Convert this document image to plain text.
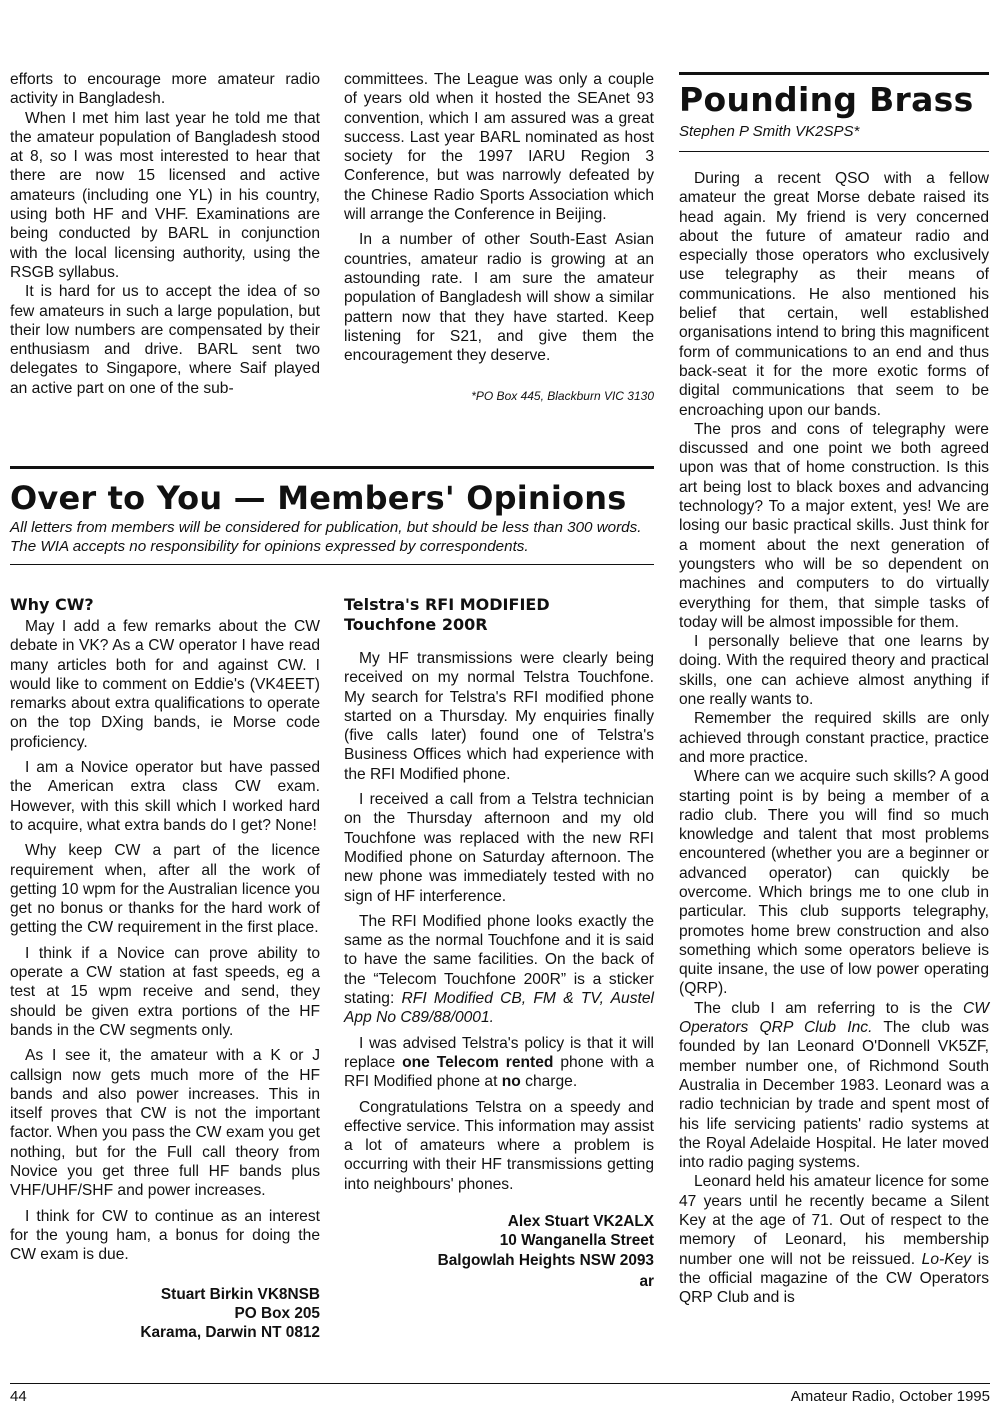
efforts to encourage more amateur radio activity in Bangladesh.

When I met him last year he told me that the amateur population of Bangladesh stood at 8, so I was most interested to hear that there are now 15 licensed and active amateurs (including one YL) in his country, using both HF and VHF. Examinations are being conducted by BARL in conjunction with the local licensing authority, using the RSGB syllabus.

It is hard for us to accept the idea of so few amateurs in such a large population, but their low numbers are compensated by their enthusiasm and drive. BARL sent two delegates to Singapore, where Saif played an active part on one of the sub-

committees. The League was only a couple of years old when it hosted the SEAnet 93 convention, which I am assured was a great success. Last year BARL nominated as host society for the 1997 IARU Region 3 Conference, but was narrowly defeated by the Chinese Radio Sports Association which will arrange the Conference in Beijing.

In a number of other South-East Asian countries, amateur radio is growing at an astounding rate. I am sure the amateur population of Bangladesh will show a similar pattern now that they have started. Keep listening for S21, and give them the encouragement they deserve.

*PO Box 445, Blackburn VIC 3130

Pounding Brass
Stephen P Smith VK2SPS*

During a recent QSO with a fellow amateur the great Morse debate raised its head again. My friend is very concerned about the future of amateur radio and especially those operators who exclusively use telegraphy as their means of communications. He also mentioned his belief that certain, well established organisations intend to bring this magnificent form of communications to an end and thus back-seat it for the more exotic forms of digital communications that seem to be encroaching upon our bands.

The pros and cons of telegraphy were discussed and one point we both agreed upon was that of home construction. Is this art being lost to black boxes and advancing technology? To a major extent, yes! We are losing our basic practical skills. Just think for a moment about the next generation of youngsters who will be so dependent on machines and computers to do virtually everything for them, that simple tasks of today will be almost impossible for them.

I personally believe that one learns by doing. With the required theory and practical skills, one can achieve almost anything if one really wants to.

Remember the required skills are only achieved through constant practice, practice and more practice.

Where can we acquire such skills? A good starting point is by being a member of a radio club. There you will find so much knowledge and talent that most problems encountered (whether you are a beginner or advanced operator) can quickly be overcome. Which brings me to one club in particular. This club supports telegraphy, promotes home brew construction and also something which some operators believe is quite insane, the use of low power operating (QRP).

The club I am referring to is the CW Operators QRP Club Inc. The club was founded by Ian Leonard O'Donnell VK5ZF, member number one, of Richmond South Australia in December 1983. Leonard was a radio technician by trade and spent most of his life servicing patients' radio systems at the Royal Adelaide Hospital. He later moved into radio paging systems.

Leonard held his amateur licence for some 47 years until he recently became a Silent Key at the age of 71. Out of respect to the memory of Leonard, his membership number one will not be reissued. Lo-Key is the official magazine of the CW Operators QRP Club and is

Over to You — Members' Opinions
All letters from members will be considered for publication, but should be less than 300 words. The WIA accepts no responsibility for opinions expressed by correspondents.
Why CW?

May I add a few remarks about the CW debate in VK? As a CW operator I have read many articles both for and against CW. I would like to comment on Eddie's (VK4EET) remarks about extra qualifications to operate on the top DXing bands, ie Morse code proficiency.

I am a Novice operator but have passed the American extra class CW exam. However, with this skill which I worked hard to acquire, what extra bands do I get? None!

Why keep CW a part of the licence requirement when, after all the work of getting 10 wpm for the Australian licence you get no bonus or thanks for the hard work of getting the CW requirement in the first place.

I think if a Novice can prove ability to operate a CW station at fast speeds, eg a test at 15 wpm receive and send, they should be given extra portions of the HF bands in the CW segments only.

As I see it, the amateur with a K or J callsign now gets much more of the HF bands and also power increases. This in itself proves that CW is not the important factor. When you pass the CW exam you get nothing, but for the Full call theory from Novice you get three full HF bands plus VHF/UHF/SHF and power increases.

I think for CW to continue as an interest for the young ham, a bonus for doing the CW exam is due.

Stuart Birkin VK8NSB
PO Box 205
Karama, Darwin NT 0812
Telstra's RFI MODIFIED
Touchfone 200R

My HF transmissions were clearly being received on my normal Telstra Touchfone. My search for Telstra's RFI modified phone started on a Thursday. My enquiries finally (five calls later) found one of Telstra's Business Offices which had experience with the RFI Modified phone.

I received a call from a Telstra technician on the Thursday afternoon and my old Touchfone was replaced with the new RFI Modified phone on Saturday afternoon. The new phone was immediately tested with no sign of HF interference.

The RFI Modified phone looks exactly the same as the normal Touchfone and it is said to have the same facilities. On the back of the “Telecom Touchfone 200R” is a sticker stating: RFI Modified CB, FM & TV, Austel App No C89/88/0001.

I was advised Telstra's policy is that it will replace one Telecom rented phone with a RFI Modified phone at no charge.

Congratulations Telstra on a speedy and effective service. This information may assist a lot of amateurs where a problem is occurring with their HF transmissions getting into neighbours' phones.

Alex Stuart VK2ALX
10 Wanganella Street
Balgowlah Heights NSW 2093
ar
44	Amateur Radio, October 1995
